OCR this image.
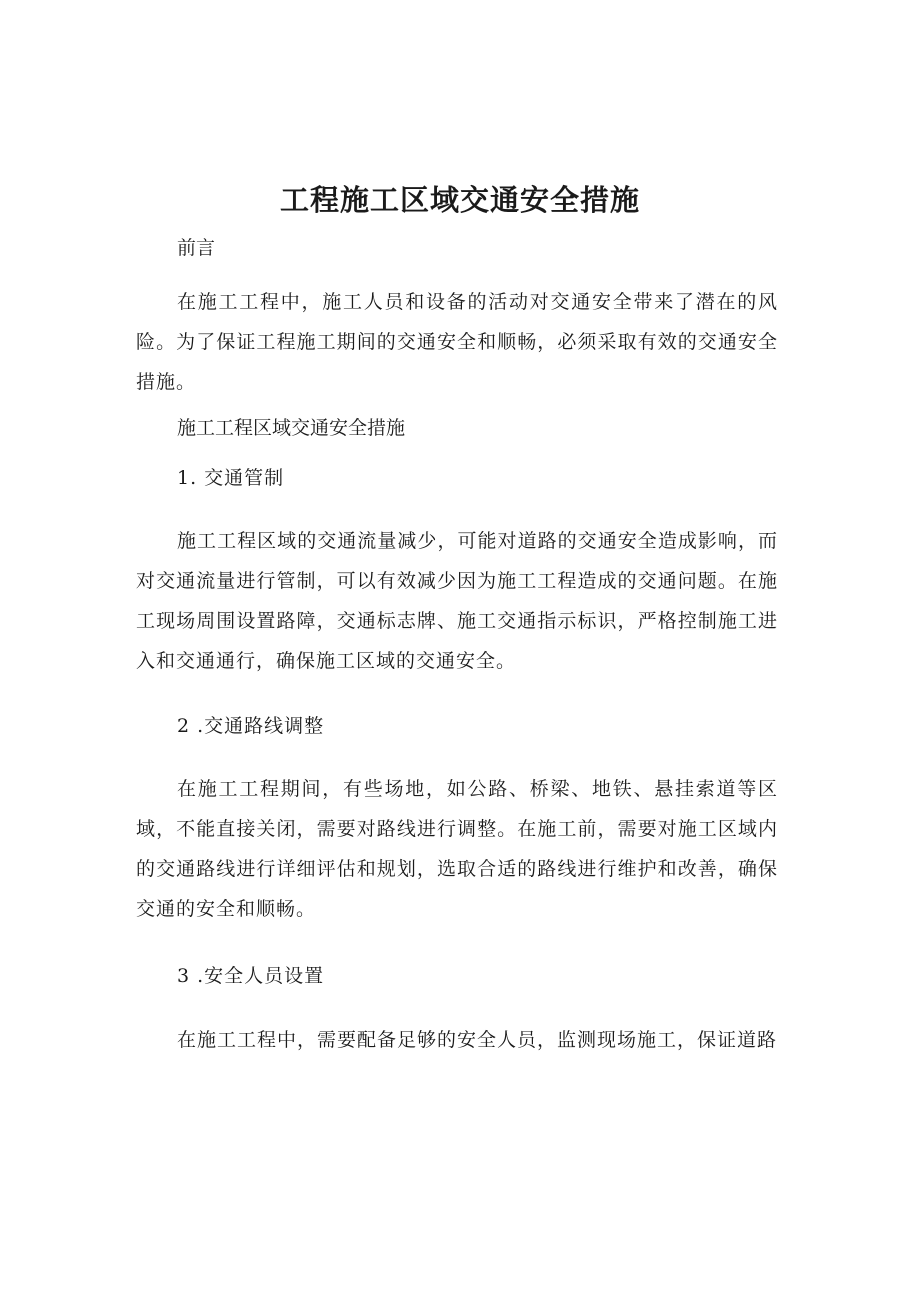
工程施工区域交通安全措施

前言

在施工工程中，施工人员和设备的活动对交通安全带来了潜在的风险。为了保证工程施工期间的交通安全和顺畅，必须采取有效的交通安全措施。

施工工程区域交通安全措施

1. 交通管制

施工工程区域的交通流量减少，可能对道路的交通安全造成影响，而对交通流量进行管制，可以有效减少因为施工工程造成的交通问题。在施工现场周围设置路障，交通标志牌、施工交通指示标识，严格控制施工进入和交通通行，确保施工区域的交通安全。

2 .交通路线调整

在施工工程期间，有些场地，如公路、桥梁、地铁、悬挂索道等区域，不能直接关闭，需要对路线进行调整。在施工前，需要对施工区域内的交通路线进行详细评估和规划，选取合适的路线进行维护和改善，确保交通的安全和顺畅。

3 .安全人员设置

在施工工程中，需要配备足够的安全人员，监测现场施工，保证道路
